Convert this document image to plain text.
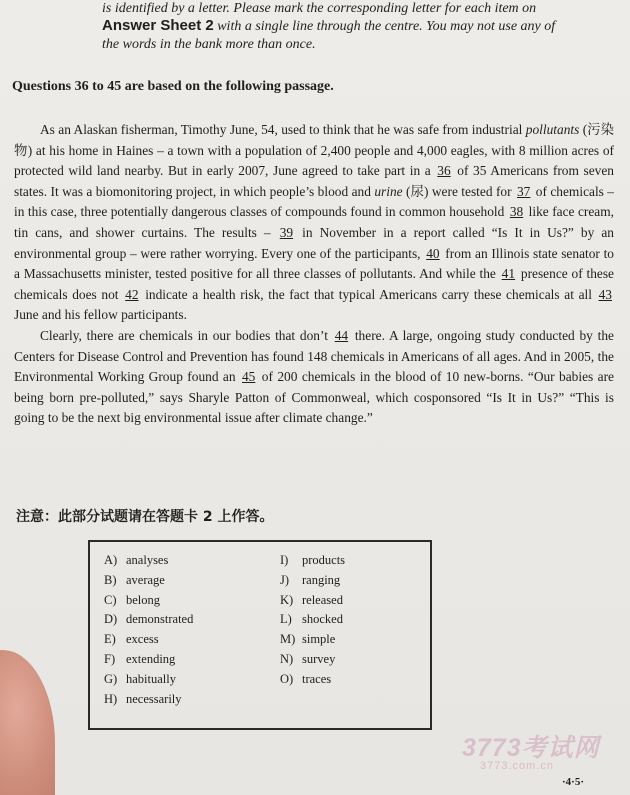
is identified by a letter. Please mark the corresponding letter for each item on
Answer Sheet 2 with a single line through the centre. You may not use any of
the words in the bank more than once.
Questions 36 to 45 are based on the following passage.

As an Alaskan fisherman, Timothy June, 54, used to think that he was safe from industrial pollutants (污染物) at his home in Haines – a town with a population of 2,400 people and 4,000 eagles, with 8 million acres of protected wild land nearby. But in early 2007, June agreed to take part in a 36 of 35 Americans from seven states. It was a biomonitoring project, in which people’s blood and urine (尿) were tested for 37 of chemicals – in this case, three potentially dangerous classes of compounds found in common household 38 like face cream, tin cans, and shower curtains. The results – 39 in November in a report called “Is It in Us?” by an environmental group – were rather worrying. Every one of the participants, 40 from an Illinois state senator to a Massachusetts minister, tested positive for all three classes of pollutants. And while the 41 presence of these chemicals does not 42 indicate a health risk, the fact that typical Americans carry these chemicals at all 43 June and his fellow participants.

Clearly, there are chemicals in our bodies that don’t 44 there. A large, ongoing study conducted by the Centers for Disease Control and Prevention has found 148 chemicals in Americans of all ages. And in 2005, the Environmental Working Group found an 45 of 200 chemicals in the blood of 10 new-borns. “Our babies are being born pre-polluted,” says Sharyle Patton of Commonweal, which cosponsored “Is It in Us?” “This is going to be the next big environmental issue after climate change.”

注意：此部分试题请在答题卡 2 上作答。
A) analyses
B) average
C) belong
D) demonstrated
E) excess
F) extending
G) habitually
H) necessarily
I) products
J) ranging
K) released
L) shocked
M) simple
N) survey
O) traces
3773考试网
3773.com.cn
·4·5·
